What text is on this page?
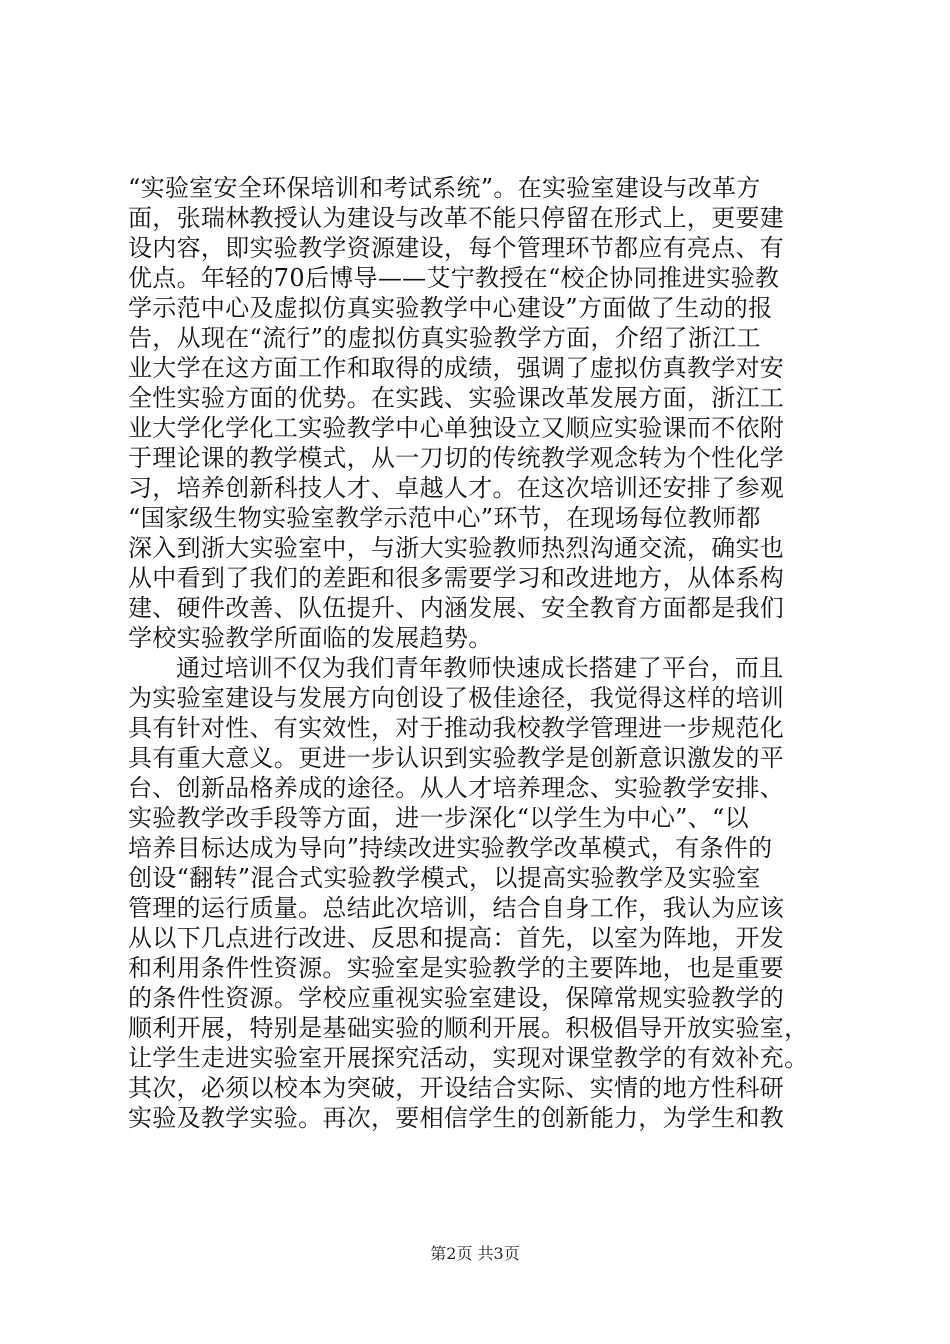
“实验室安全环保培训和考试系统”。在实验室建设与改革方
面，张瑞林教授认为建设与改革不能只停留在形式上，更要建
设内容，即实验教学资源建设，每个管理环节都应有亮点、有
优点。年轻的70后博导——艾宁教授在“校企协同推进实验教
学示范中心及虚拟仿真实验教学中心建设”方面做了生动的报
告，从现在“流行”的虚拟仿真实验教学方面，介绍了浙江工
业大学在这方面工作和取得的成绩，强调了虚拟仿真教学对安
全性实验方面的优势。在实践、实验课改革发展方面，浙江工
业大学化学化工实验教学中心单独设立又顺应实验课而不依附
于理论课的教学模式，从一刀切的传统教学观念转为个性化学
习，培养创新科技人才、卓越人才。在这次培训还安排了参观
“国家级生物实验室教学示范中心”环节，在现场每位教师都
深入到浙大实验室中，与浙大实验教师热烈沟通交流，确实也
从中看到了我们的差距和很多需要学习和改进地方，从体系构
建、硬件改善、队伍提升、内涵发展、安全教育方面都是我们
学校实验教学所面临的发展趋势。
通过培训不仅为我们青年教师快速成长搭建了平台，而且
为实验室建设与发展方向创设了极佳途径，我觉得这样的培训
具有针对性、有实效性，对于推动我校教学管理进一步规范化
具有重大意义。更进一步认识到实验教学是创新意识激发的平
台、创新品格养成的途径。从人才培养理念、实验教学安排、
实验教学改手段等方面，进一步深化“以学生为中心”、“以
培养目标达成为导向”持续改进实验教学改革模式，有条件的
创设“翻转”混合式实验教学模式，以提高实验教学及实验室
管理的运行质量。总结此次培训，结合自身工作，我认为应该
从以下几点进行改进、反思和提高：首先，以室为阵地，开发
和利用条件性资源。实验室是实验教学的主要阵地，也是重要
的条件性资源。学校应重视实验室建设，保障常规实验教学的
顺利开展，特别是基础实验的顺利开展。积极倡导开放实验室，
让学生走进实验室开展探究活动，实现对课堂教学的有效补充。
其次，必须以校本为突破，开设结合实际、实情的地方性科研
实验及教学实验。再次，要相信学生的创新能力，为学生和教
第2页 共3页
